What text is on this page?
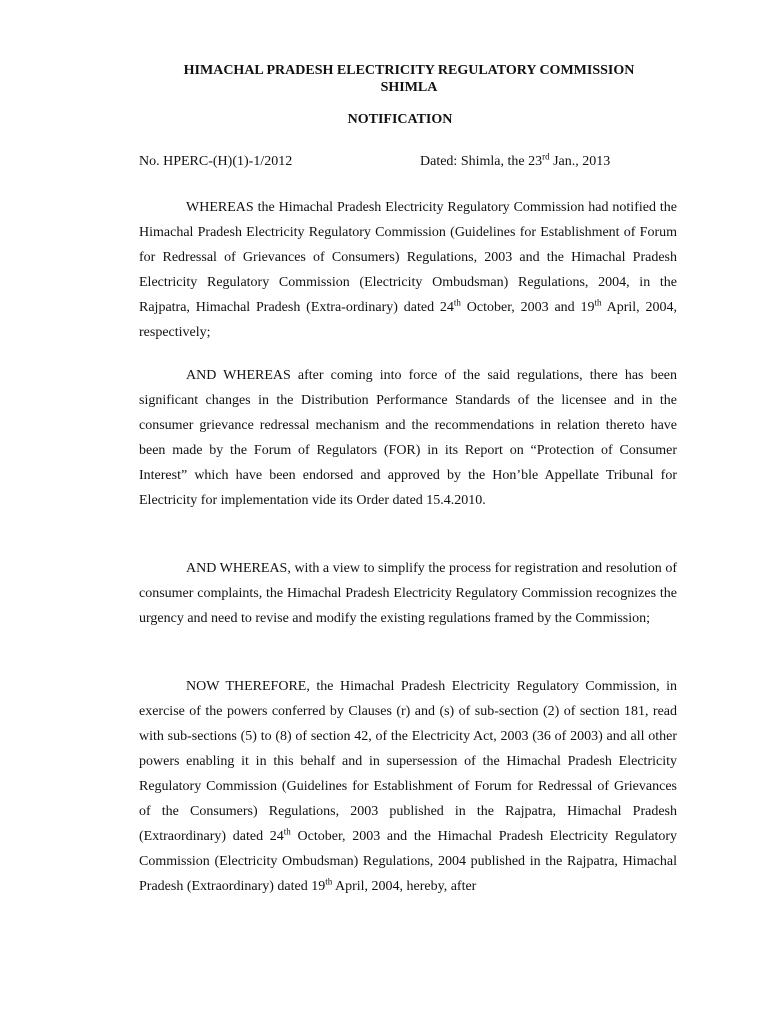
HIMACHAL PRADESH ELECTRICITY REGULATORY COMMISSION
SHIMLA
NOTIFICATION
No. HPERC-(H)(1)-1/2012	Dated: Shimla, the 23rd Jan., 2013

WHEREAS the Himachal Pradesh Electricity Regulatory Commission had notified the Himachal Pradesh Electricity Regulatory Commission (Guidelines for Establishment of Forum for Redressal of Grievances of Consumers) Regulations, 2003 and the Himachal Pradesh Electricity Regulatory Commission (Electricity Ombudsman) Regulations, 2004, in the Rajpatra, Himachal Pradesh (Extra-ordinary) dated 24th October, 2003 and 19th April, 2004, respectively;

AND WHEREAS after coming into force of the said regulations, there has been significant changes in the Distribution Performance Standards of the licensee and in the consumer grievance redressal mechanism and the recommendations in relation thereto have been made by the Forum of Regulators (FOR) in its Report on “Protection of Consumer Interest” which have been endorsed and approved by the Hon’ble Appellate Tribunal for Electricity for implementation vide its Order dated 15.4.2010.

AND WHEREAS, with a view to simplify the process for registration and resolution of consumer complaints, the Himachal Pradesh Electricity Regulatory Commission recognizes the urgency and need to revise and modify the existing regulations framed by the Commission;

NOW THEREFORE, the Himachal Pradesh Electricity Regulatory Commission, in exercise of the powers conferred by Clauses (r) and (s) of sub-section (2) of section 181, read with sub-sections (5) to (8) of section 42, of the Electricity Act, 2003 (36 of 2003) and all other powers enabling it in this behalf and in supersession of the Himachal Pradesh Electricity Regulatory Commission (Guidelines for Establishment of Forum for Redressal of Grievances of the Consumers) Regulations, 2003 published in the Rajpatra, Himachal Pradesh (Extraordinary) dated 24th October, 2003 and the Himachal Pradesh Electricity Regulatory Commission (Electricity Ombudsman) Regulations, 2004 published in the Rajpatra, Himachal Pradesh (Extraordinary) dated 19th April, 2004, hereby, after
